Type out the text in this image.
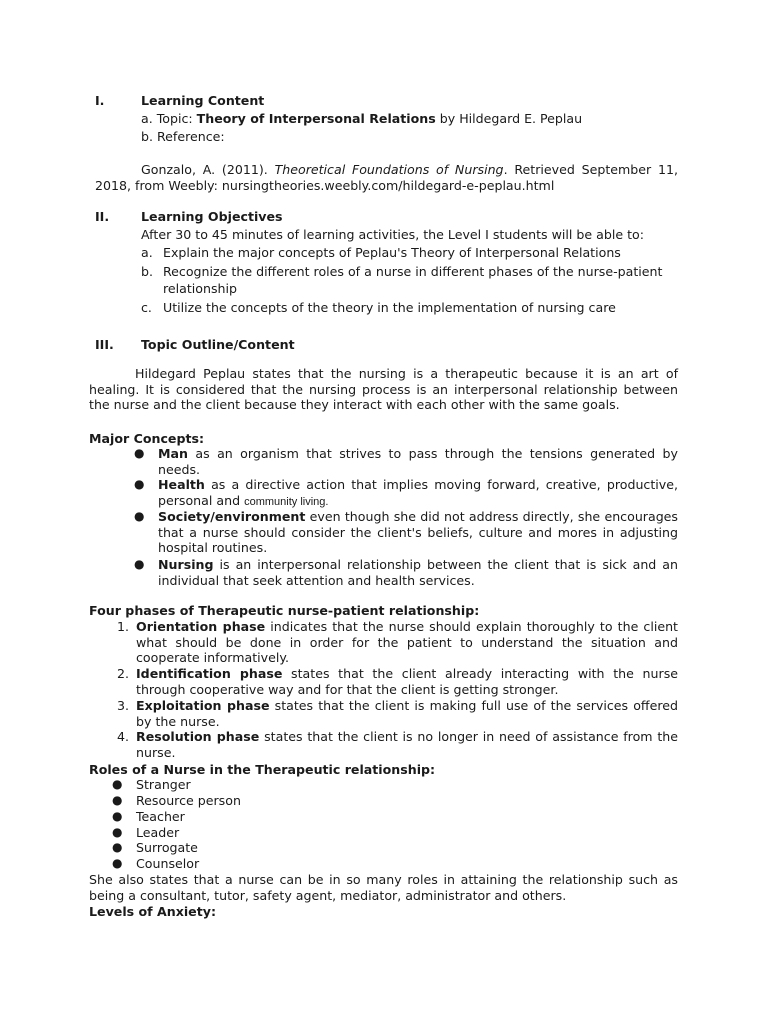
I.	Learning Content
a. Topic: Theory of Interpersonal Relations by Hildegard E. Peplau
b. Reference:
Gonzalo, A. (2011). Theoretical Foundations of Nursing. Retrieved September 11,
2018, from Weebly: nursingtheories.weebly.com/hildegard-e-peplau.html
II.	Learning Objectives
After 30 to 45 minutes of learning activities, the Level I students will be able to:
a. Explain the major concepts of Peplau's Theory of Interpersonal Relations
b. Recognize the different roles of a nurse in different phases of the nurse-patient
relationship
c. Utilize the concepts of the theory in the implementation of nursing care
III. Topic Outline/Content

Hildegard Peplau states that the nursing is a therapeutic because it is an art of healing. It is considered that the nursing process is an interpersonal relationship between the nurse and the client because they interact with each other with the same goals.

Major Concepts:
● Man as an organism that strives to pass through the tensions generated by needs.

● Health as a directive action that implies moving forward, creative, productive, personal and community living.

● Society/environment even though she did not address directly, she encourages that a nurse should consider the client's beliefs, culture and mores in adjusting hospital routines.

● Nursing is an interpersonal relationship between the client that is sick and an individual that seek attention and health services.

Four phases of Therapeutic nurse-patient relationship:
1. Orientation phase indicates that the nurse should explain thoroughly to the client what should be done in order for the patient to understand the situation and cooperate informatively.

2. Identification phase states that the client already interacting with the nurse through cooperative way and for that the client is getting stronger.

3. Exploitation phase states that the client is making full use of the services offered by the nurse.

4. Resolution phase states that the client is no longer in need of assistance from the nurse.

Roles of a Nurse in the Therapeutic relationship:
● Stranger
● Resource person
● Teacher
● Leader
● Surrogate
● Counselor

She also states that a nurse can be in so many roles in attaining the relationship such as being a consultant, tutor, safety agent, mediator, administrator and others.

Levels of Anxiety:
